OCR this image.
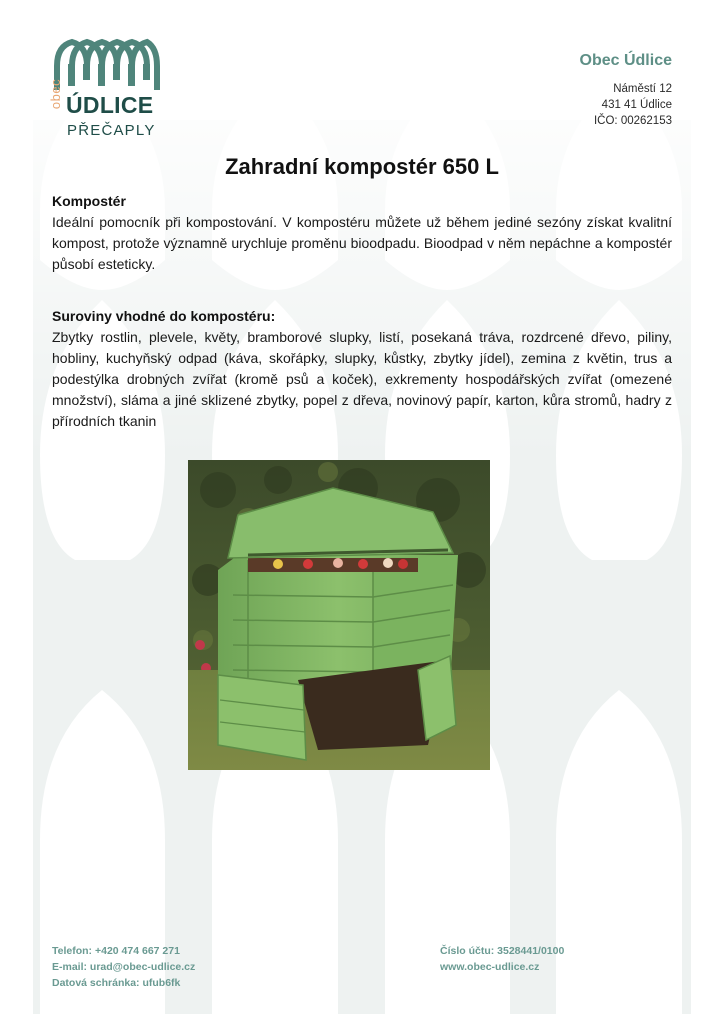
obec ÚDLICE
PŘEČAPLY
Obec Údlice
Náměstí 12
431 41 Údlice
IČO: 00262153
Zahradní kompostér 650 L
Kompostér

Ideální pomocník při kompostování. V kompostéru můžete už během jediné sezóny získat kvalitní kompost, protože významně urychluje proměnu bioodpadu. Bioodpad v něm nepáchne a kompostér působí esteticky.

Suroviny vhodné do kompostéru:

Zbytky rostlin, plevele, květy, bramborové slupky, listí, posekaná tráva, rozdrcené dřevo, piliny, hobliny, kuchyňský odpad (káva, skořápky, slupky, kůstky, zbytky jídel), zemina z květin, trus a podestýlka drobných zvířat (kromě psů a koček), exkrementy hospodářských zvířat (omezené množství), sláma a jiné sklizené zbytky, popel z dřeva, novinový papír, karton, kůra stromů, hadry z přírodních tkanin

Telefon: +420 474 667 271
E-mail: urad@obec-udlice.cz
Datová schránka: ufub6fk
Číslo účtu: 3528441/0100
www.obec-udlice.cz
